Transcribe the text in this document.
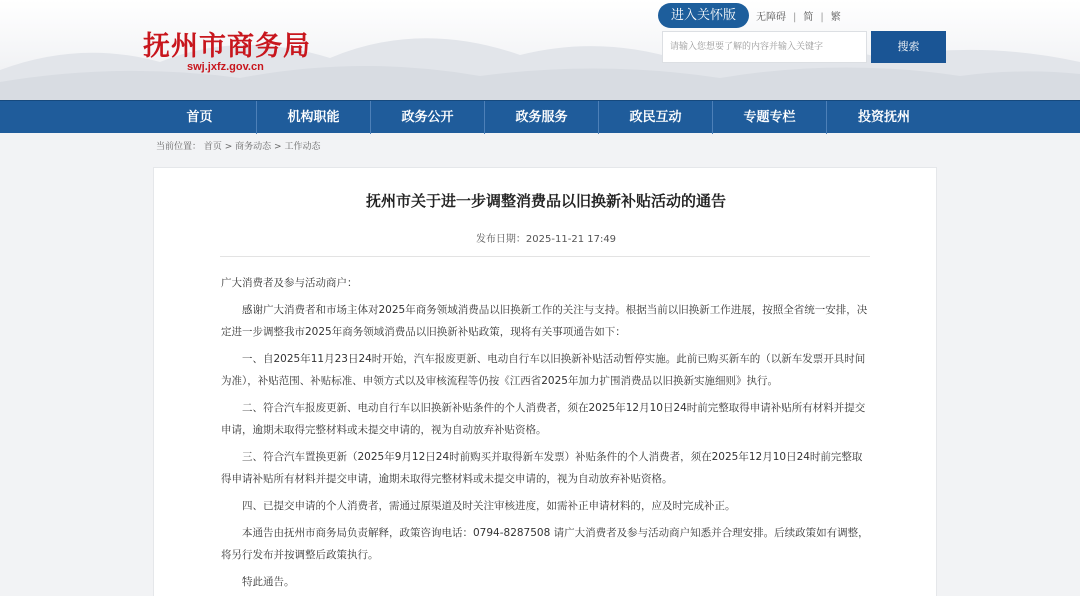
抚州市商务局
swj.jxfz.gov.cn
进入关怀版	无障碍 | 简 | 繁
请输入您想要了解的内容并输入关键字	搜索
首页	机构职能	政务公开	政务服务	政民互动	专题专栏	投资抚州
当前位置： 首页 > 商务动态 > 工作动态
抚州市关于进一步调整消费品以旧换新补贴活动的通告
发布日期：2025-11-21 17:49

广大消费者及参与活动商户：

感谢广大消费者和市场主体对2025年商务领域消费品以旧换新工作的关注与支持。根据当前以旧换新工作进展，按照全省统一安排，决定进一步调整我市2025年商务领域消费品以旧换新补贴政策，现将有关事项通告如下：

一、自2025年11月23日24时开始，汽车报废更新、电动自行车以旧换新补贴活动暂停实施。此前已购买新车的（以新车发票开具时间为准），补贴范围、补贴标准、申领方式以及审核流程等仍按《江西省2025年加力扩围消费品以旧换新实施细则》执行。

二、符合汽车报废更新、电动自行车以旧换新补贴条件的个人消费者，须在2025年12月10日24时前完整取得申请补贴所有材料并提交申请，逾期未取得完整材料或未提交申请的，视为自动放弃补贴资格。

三、符合汽车置换更新（2025年9月12日24时前购买并取得新车发票）补贴条件的个人消费者，须在2025年12月10日24时前完整取得申请补贴所有材料并提交申请，逾期未取得完整材料或未提交申请的，视为自动放弃补贴资格。

四、已提交申请的个人消费者，需通过原渠道及时关注审核进度，如需补正申请材料的，应及时完成补正。

本通告由抚州市商务局负责解释，政策咨询电话：0794-8287508 请广大消费者及参与活动商户知悉并合理安排。后续政策如有调整，将另行发布并按调整后政策执行。

特此通告。
